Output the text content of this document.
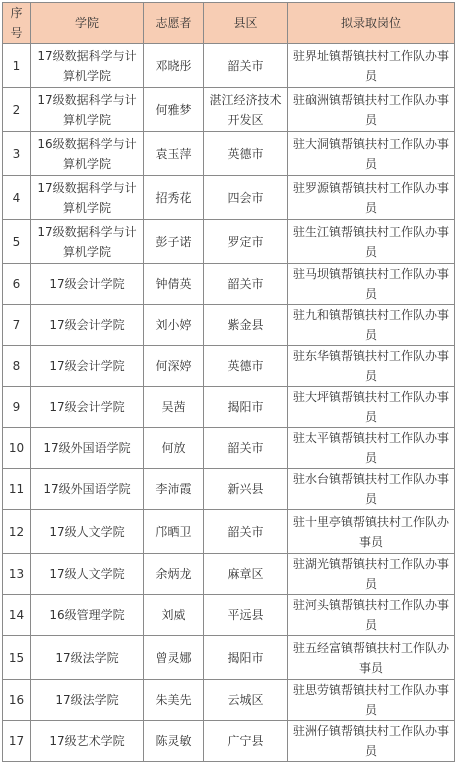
序号	学院	志愿者	县区	拟录取岗位
1	17级数据科学与计算机学院	邓晓彤	韶关市	驻界址镇帮镇扶村工作队办事员
2	17级数据科学与计算机学院	何雅梦	湛江经济技术开发区	驻硇洲镇帮镇扶村工作队办事员
3	16级数据科学与计算机学院	袁玉萍	英德市	驻大洞镇帮镇扶村工作队办事员
4	17级数据科学与计算机学院	招秀花	四会市	驻罗源镇帮镇扶村工作队办事员
5	17级数据科学与计算机学院	彭子诺	罗定市	驻生江镇帮镇扶村工作队办事员
6	17级会计学院	钟倩英	韶关市	驻马坝镇帮镇扶村工作队办事员
7	17级会计学院	刘小婷	紫金县	驻九和镇帮镇扶村工作队办事员
8	17级会计学院	何深婷	英德市	驻东华镇帮镇扶村工作队办事员
9	17级会计学院	吴茜	揭阳市	驻大坪镇帮镇扶村工作队办事员
10	17级外国语学院	何放	韶关市	驻太平镇帮镇扶村工作队办事员
11	17级外国语学院	李沛霞	新兴县	驻水台镇帮镇扶村工作队办事员
12	17级人文学院	邝晒卫	韶关市	驻十里亭镇帮镇扶村工作队办事员
13	17级人文学院	余炳龙	麻章区	驻湖光镇帮镇扶村工作队办事员
14	16级管理学院	刘威	平远县	驻河头镇帮镇扶村工作队办事员
15	17级法学院	曾灵娜	揭阳市	驻五经富镇帮镇扶村工作队办事员
16	17级法学院	朱美先	云城区	驻思劳镇帮镇扶村工作队办事员
17	17级艺术学院	陈灵敏	广宁县	驻洲仔镇帮镇扶村工作队办事员
